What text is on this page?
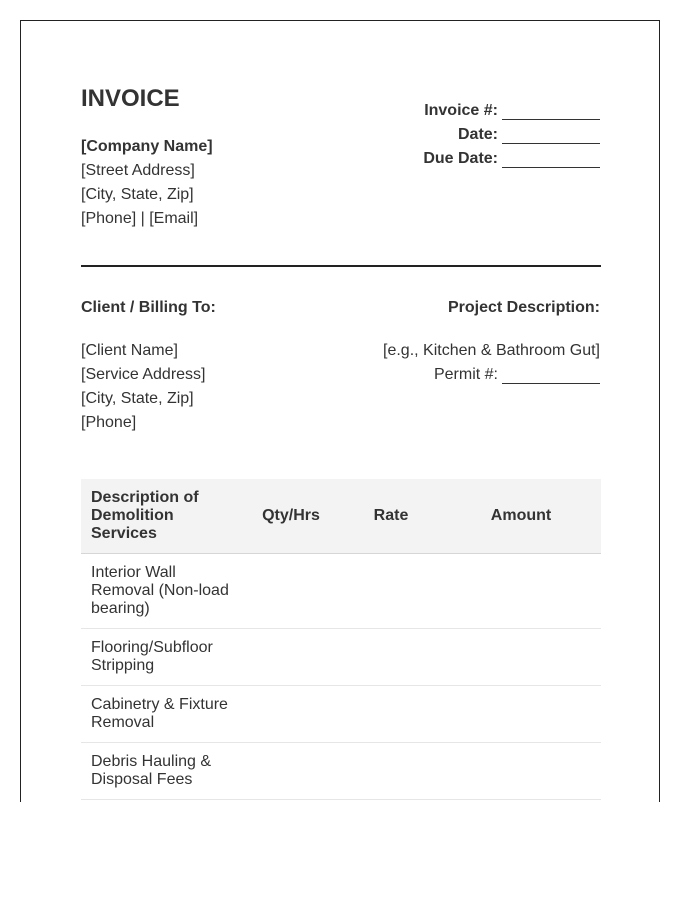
INVOICE
[Company Name]
[Street Address]
[City, State, Zip]
[Phone] | [Email]
Invoice #:
Date:
Due Date:
Client / Billing To:
[Client Name]
[Service Address]
[City, State, Zip]
[Phone]
Project Description:
[e.g., Kitchen & Bathroom Gut]
Permit #:
Description of Demolition Services	Qty/Hrs	Rate	Amount
Interior Wall Removal (Non-load bearing)			
Flooring/Subfloor Stripping			
Cabinetry & Fixture Removal			
Debris Hauling & Disposal Fees			
